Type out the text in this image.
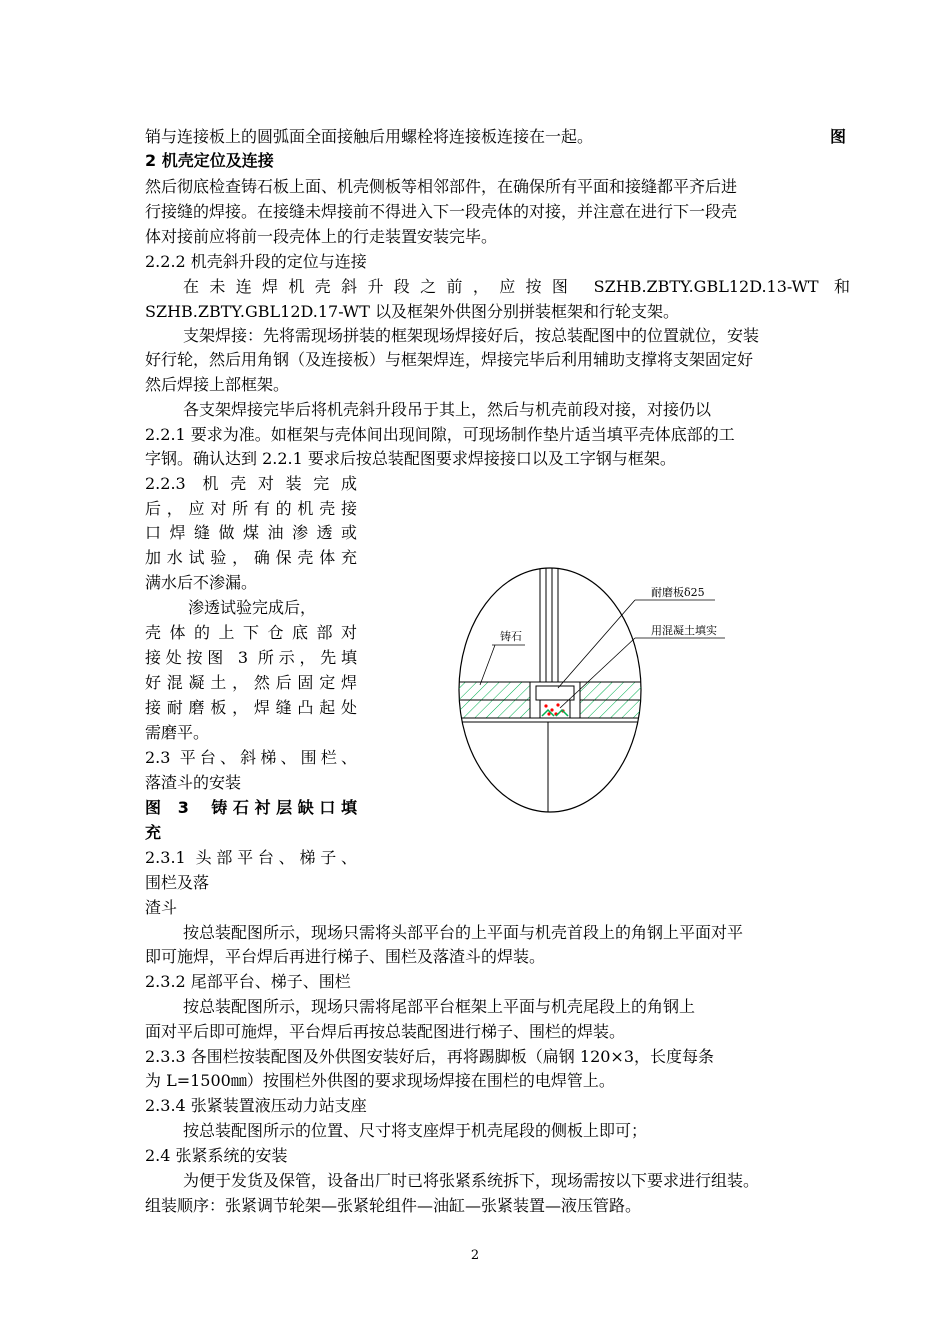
销与连接板上的圆弧面全面接触后用螺栓将连接板连接在一起。	图
2 机壳定位及连接
然后彻底检查铸石板上面、机壳侧板等相邻部件，在确保所有平面和接缝都平齐后进
行接缝的焊接。在接缝未焊接前不得进入下一段壳体的对接，并注意在进行下一段壳
体对接前应将前一段壳体上的行走装置安装完毕。
2.2.2 机壳斜升段的定位与连接
在未连焊机壳斜升段之前，应按图 SZHB.ZBTY.GBL12D.13-WT 和
SZHB.ZBTY.GBL12D.17-WT 以及框架外供图分别拼装框架和行轮支架。
支架焊接：先将需现场拼装的框架现场焊接好后，按总装配图中的位置就位，安装
好行轮，然后用角钢（及连接板）与框架焊连，焊接完毕后利用辅助支撑将支架固定好
然后焊接上部框架。
各支架焊接完毕后将机壳斜升段吊于其上，然后与机壳前段对接，对接仍以
2.2.1 要求为准。如框架与壳体间出现间隙，可现场制作垫片适当填平壳体底部的工
字钢。确认达到 2.2.1 要求后按总装配图要求焊接接口以及工字钢与框架。
2.2.3 机壳对装完成
后，应对所有的机壳接
口焊缝做煤油渗透或
加水试验，确保壳体充
满水后不渗漏。
渗透试验完成后，
壳体的上下仓底部对
接处按图 3 所示，先填
好混凝土，然后固定焊
接耐磨板，焊缝凸起处
需磨平。
2.3 平台、斜梯、围栏、
落渣斗的安装
图 3  铸石衬层缺口填
充
2.3.1 头部平台、梯子、
围栏及落
渣斗
铸石
耐磨板δ25
用混凝土填实
按总装配图所示，现场只需将头部平台的上平面与机壳首段上的角钢上平面对平
即可施焊，平台焊后再进行梯子、围栏及落渣斗的焊装。
2.3.2 尾部平台、梯子、围栏
按总装配图所示，现场只需将尾部平台框架上平面与机壳尾段上的角钢上
面对平后即可施焊，平台焊后再按总装配图进行梯子、围栏的焊装。
2.3.3 各围栏按装配图及外供图安装好后，再将踢脚板（扁钢 120×3，长度每条
为 L=1500㎜）按围栏外供图的要求现场焊接在围栏的电焊管上。
2.3.4 张紧装置液压动力站支座
按总装配图所示的位置、尺寸将支座焊于机壳尾段的侧板上即可；
2.4 张紧系统的安装
为便于发货及保管，设备出厂时已将张紧系统拆下，现场需按以下要求进行组装。
组装顺序：张紧调节轮架—张紧轮组件—油缸—张紧装置—液压管路。
2
